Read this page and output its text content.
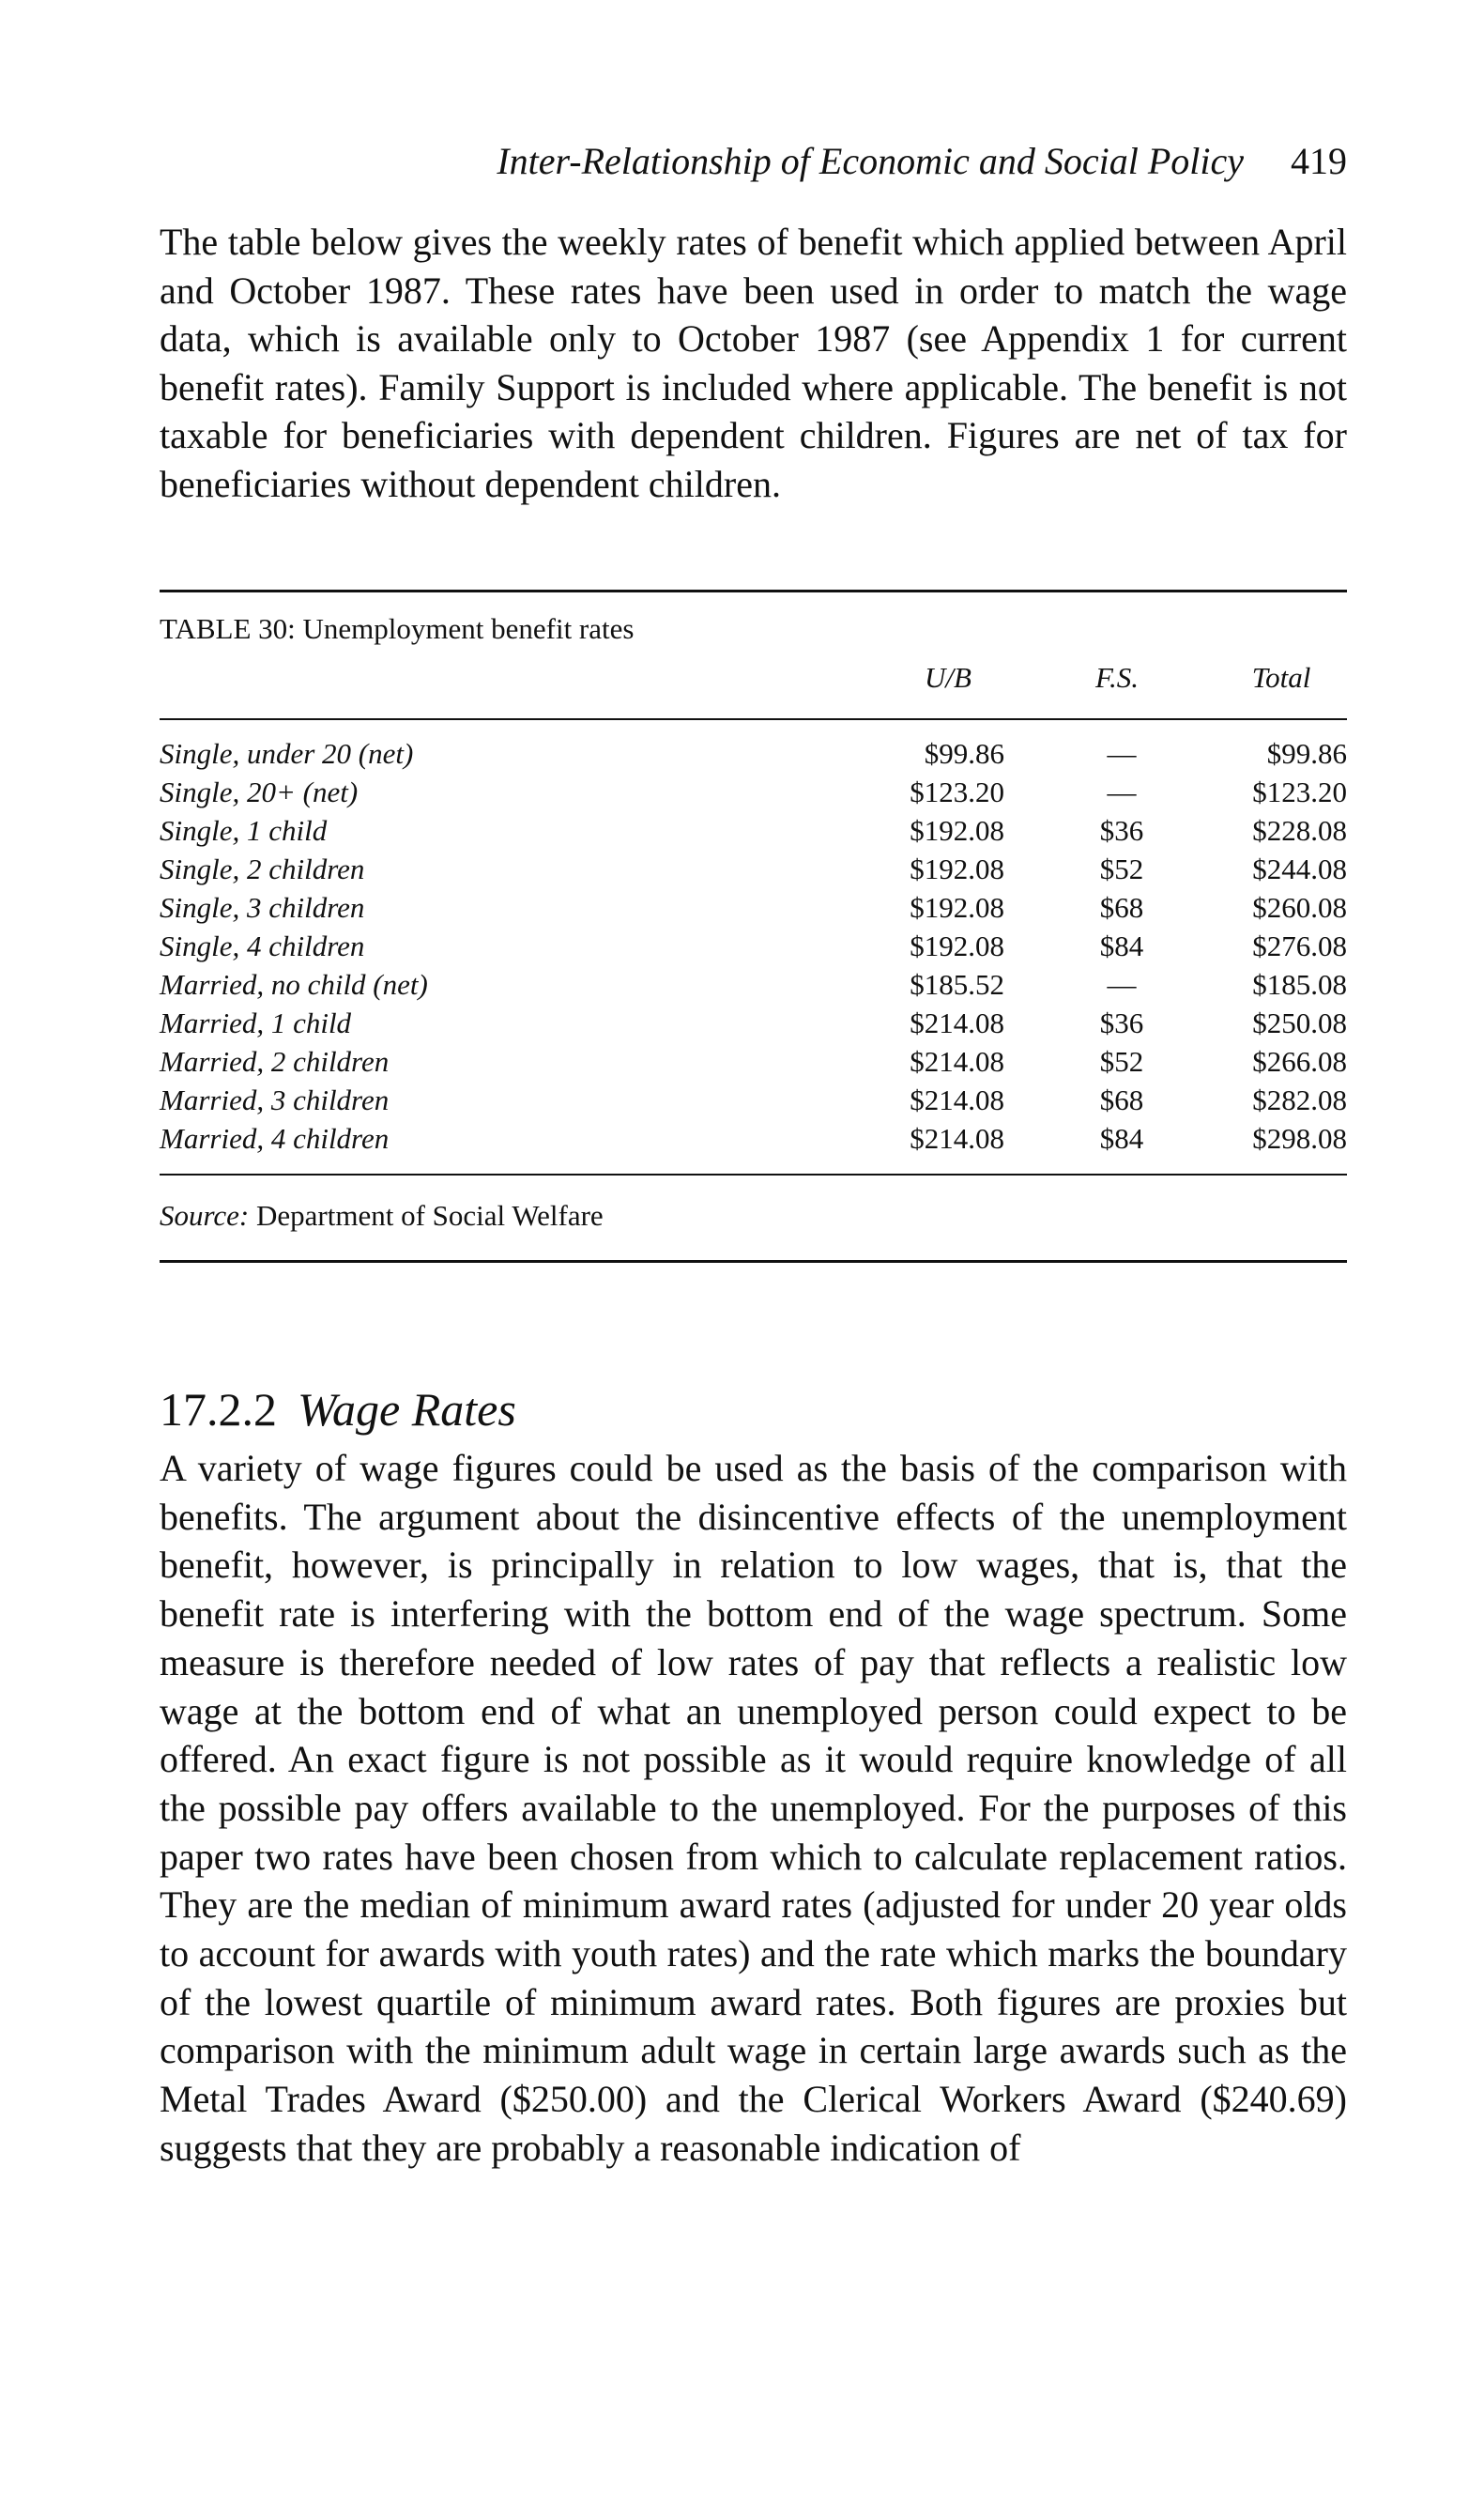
Inter-Relationship of Economic and Social Policy 419

The table below gives the weekly rates of benefit which applied between April and October 1987. These rates have been used in order to match the wage data, which is available only to October 1987 (see Appendix 1 for current benefit rates). Family Support is included where applicable. The benefit is not taxable for beneficiaries with dependent children. Figures are net of tax for beneficiaries without dependent children.

TABLE 30: Unemployment benefit rates
U/B	F.S.	Total
Single, under 20 (net)	$99.86	—	$99.86
Single, 20+ (net)	$123.20	—	$123.20
Single, 1 child	$192.08	$36	$228.08
Single, 2 children	$192.08	$52	$244.08
Single, 3 children	$192.08	$68	$260.08
Single, 4 children	$192.08	$84	$276.08
Married, no child (net)	$185.52	—	$185.08
Married, 1 child	$214.08	$36	$250.08
Married, 2 children	$214.08	$52	$266.08
Married, 3 children	$214.08	$68	$282.08
Married, 4 children	$214.08	$84	$298.08
Source: Department of Social Welfare
17.2.2 Wage Rates

A variety of wage figures could be used as the basis of the comparison with benefits. The argument about the disincentive effects of the unemployment benefit, however, is principally in relation to low wages, that is, that the benefit rate is interfering with the bottom end of the wage spectrum. Some measure is therefore needed of low rates of pay that reflects a realistic low wage at the bottom end of what an unemployed person could expect to be offered. An exact figure is not possible as it would require knowledge of all the possible pay offers available to the unemployed. For the purposes of this paper two rates have been chosen from which to calculate replacement ratios. They are the median of minimum award rates (adjusted for under 20 year olds to account for awards with youth rates) and the rate which marks the boundary of the lowest quartile of minimum award rates. Both figures are proxies but comparison with the minimum adult wage in certain large awards such as the Metal Trades Award ($250.00) and the Clerical Workers Award ($240.69) suggests that they are probably a reasonable indication of
